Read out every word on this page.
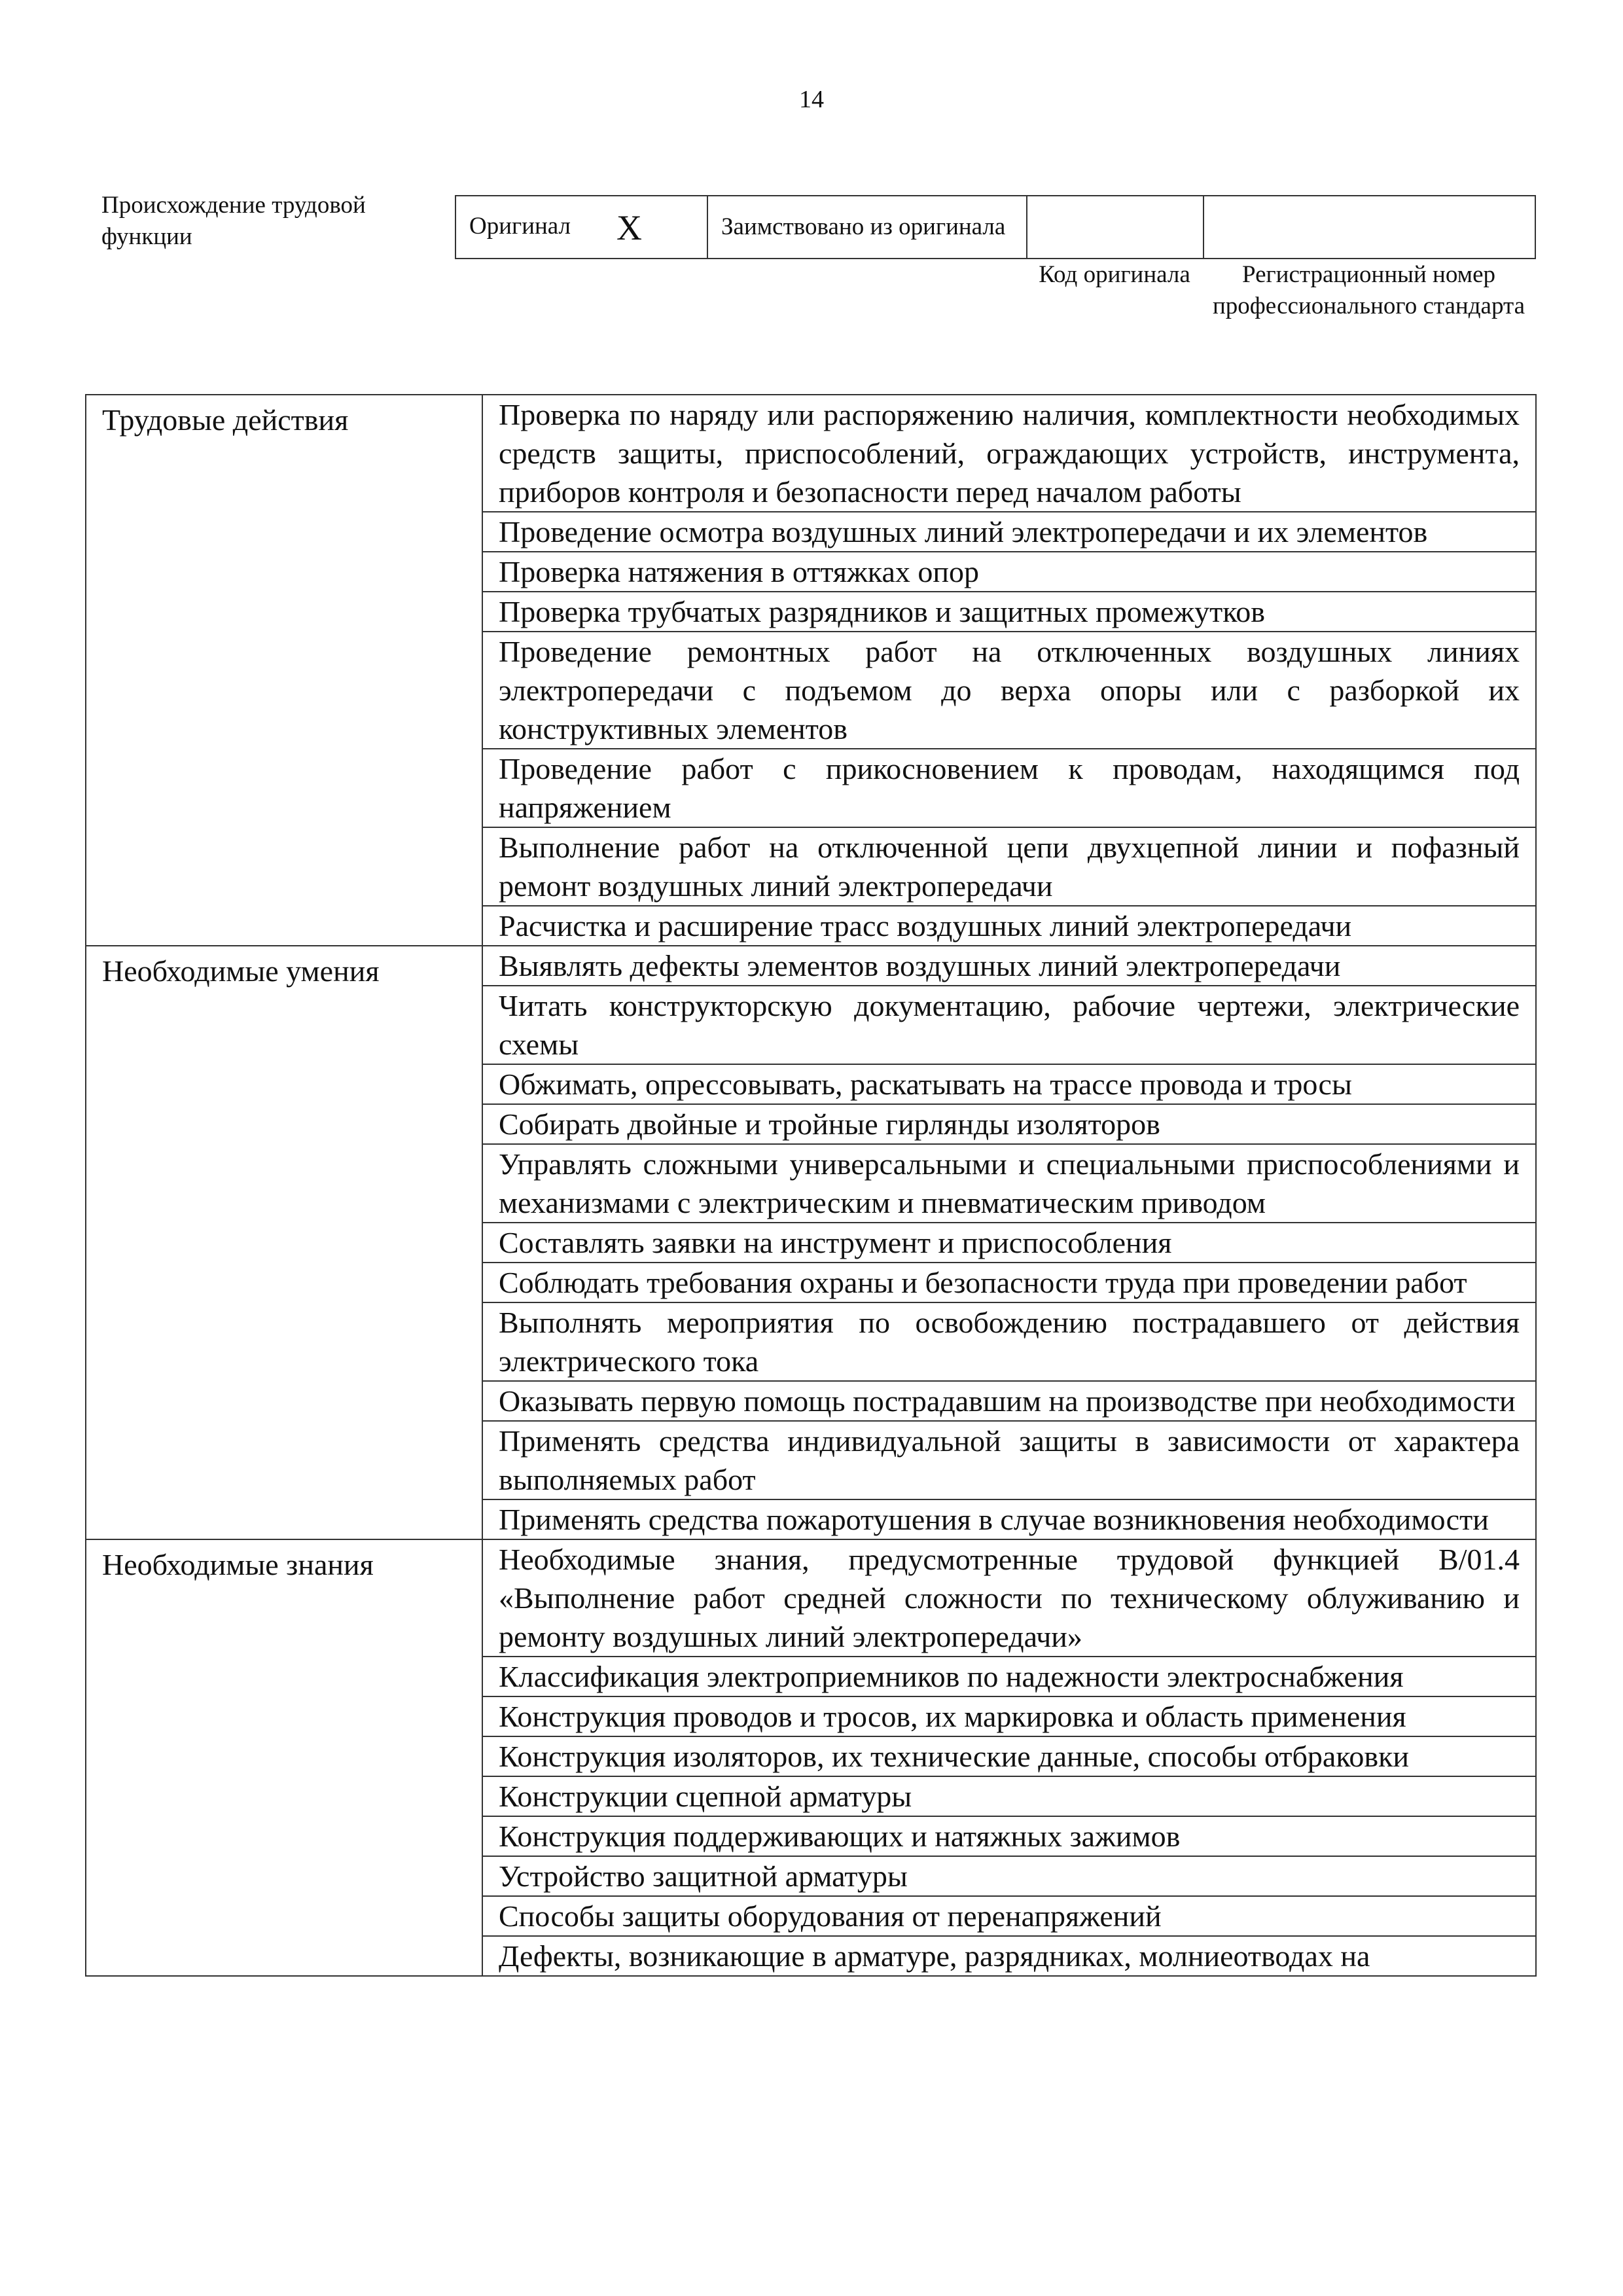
14
Происхождение трудовой функции	Оригинал X	Заимствовано из оригинала		
Код оригинала	Регистрационный номер профессионального стандарта
Трудовые действия	Проверка по наряду или распоряжению наличия, комплектности необходимых средств защиты, приспособлений, ограждающих устройств, инструмента, приборов контроля и безопасности перед началом работы
	Проведение осмотра воздушных линий электропередачи и их элементов
	Проверка натяжения в оттяжках опор
	Проверка трубчатых разрядников и защитных промежутков
	Проведение ремонтных работ на отключенных воздушных линиях электропередачи с подъемом до верха опоры или с разборкой их конструктивных элементов
	Проведение работ с прикосновением к проводам, находящимся под напряжением
	Выполнение работ на отключенной цепи двухцепной линии и пофазный ремонт воздушных линий электропередачи
	Расчистка и расширение трасс воздушных линий электропередачи
Необходимые умения	Выявлять дефекты элементов воздушных линий электропередачи
	Читать конструкторскую документацию, рабочие чертежи, электрические схемы
	Обжимать, опрессовывать, раскатывать на трассе провода и тросы
	Собирать двойные и тройные гирлянды изоляторов
	Управлять сложными универсальными и специальными приспособлениями и механизмами с электрическим и пневматическим приводом
	Составлять заявки на инструмент и приспособления
	Соблюдать требования охраны и безопасности труда при проведении работ
	Выполнять мероприятия по освобождению пострадавшего от действия электрического тока
	Оказывать первую помощь пострадавшим на производстве при необходимости
	Применять средства индивидуальной защиты в зависимости от характера выполняемых работ
	Применять средства пожаротушения в случае возникновения необходимости
Необходимые знания	Необходимые знания, предусмотренные трудовой функцией В/01.4 «Выполнение работ средней сложности по техническому облуживанию и ремонту воздушных линий электропередачи»
	Классификация электроприемников по надежности электроснабжения
	Конструкция проводов и тросов, их маркировка и область применения
	Конструкция изоляторов, их технические данные, способы отбраковки
	Конструкции сцепной арматуры
	Конструкция поддерживающих и натяжных зажимов
	Устройство защитной арматуры
	Способы защиты оборудования от перенапряжений
	Дефекты, возникающие в арматуре, разрядниках, молниеотводах на
